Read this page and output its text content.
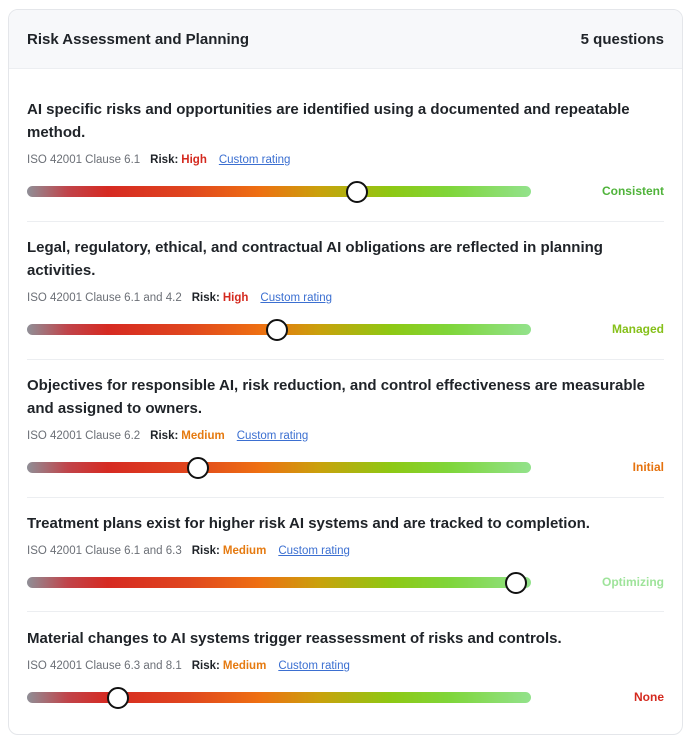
Risk Assessment and Planning	5 questions
AI specific risks and opportunities are identified using a documented and repeatable method.
ISO 42001 Clause 6.1 Risk: High Custom rating
Consistent
Legal, regulatory, ethical, and contractual AI obligations are reflected in planning activities.
ISO 42001 Clause 6.1 and 4.2 Risk: High Custom rating
Managed
Objectives for responsible AI, risk reduction, and control effectiveness are measurable and assigned to owners.
ISO 42001 Clause 6.2 Risk: Medium Custom rating
Initial
Treatment plans exist for higher risk AI systems and are tracked to completion.
ISO 42001 Clause 6.1 and 6.3 Risk: Medium Custom rating
Optimizing
Material changes to AI systems trigger reassessment of risks and controls.
ISO 42001 Clause 6.3 and 8.1 Risk: Medium Custom rating
None
